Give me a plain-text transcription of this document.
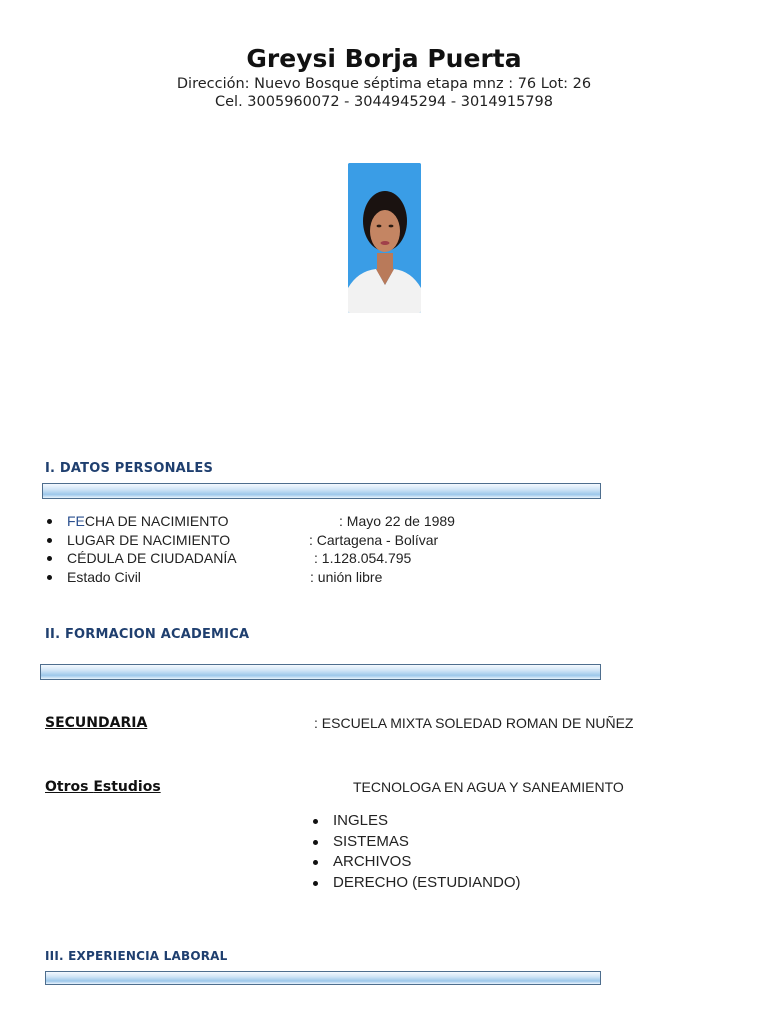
Greysi Borja Puerta
Dirección: Nuevo Bosque séptima etapa mnz : 76 Lot: 26
Cel. 3005960072 - 3044945294 - 3014915798
I. DATOS PERSONALES
FECHA DE NACIMIENTO	: Mayo 22 de 1989
LUGAR DE NACIMIENTO	: Cartagena - Bolívar
CÉDULA DE CIUDADANÍA	: 1.128.054.795
Estado Civil	: unión libre
II. FORMACION ACADEMICA
SECUNDARIA	: ESCUELA MIXTA SOLEDAD ROMAN DE NUÑEZ
Otros Estudios	TECNOLOGA EN AGUA Y SANEAMIENTO
INGLES
SISTEMAS
ARCHIVOS
DERECHO (ESTUDIANDO)
III. EXPERIENCIA LABORAL
